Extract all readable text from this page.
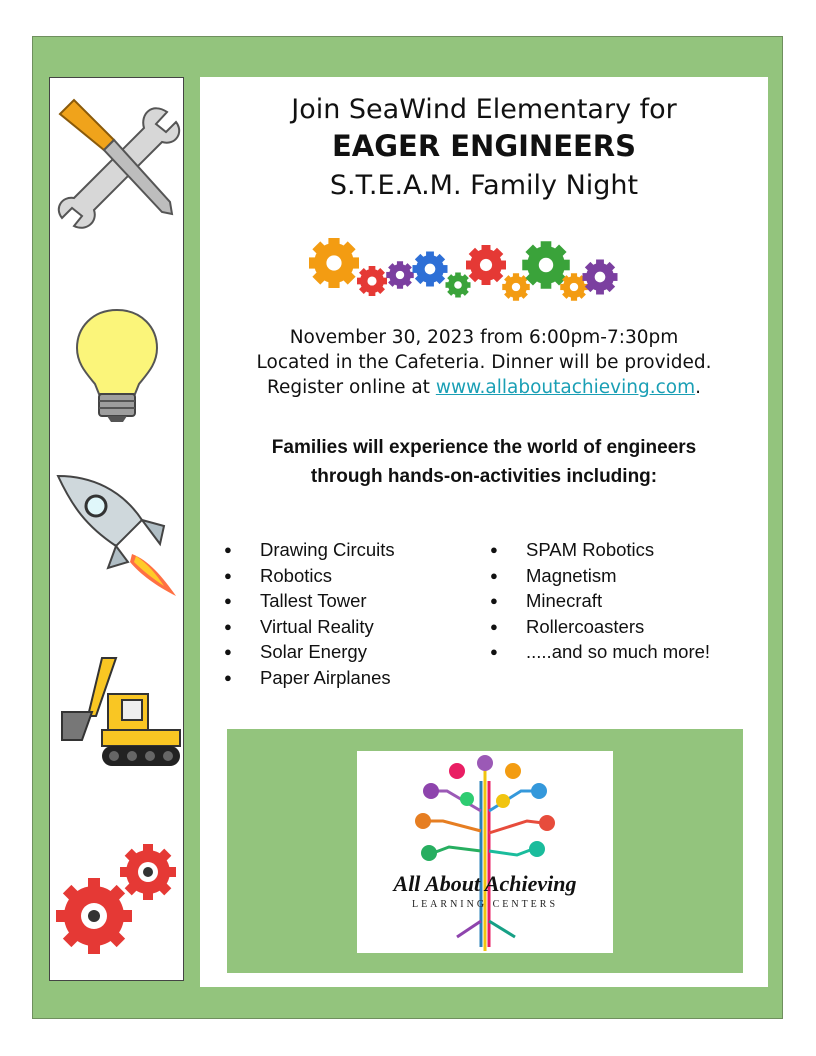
Join SeaWind Elementary for
EAGER ENGINEERS
S.T.E.A.M. Family Night
November 30, 2023 from 6:00pm-7:30pm
Located in the Cafeteria. Dinner will be provided.
Register online at www.allaboutachieving.com.
Families will experience the world of engineers
through hands-on-activities including:
● Drawing Circuits
● Robotics
● Tallest Tower
● Virtual Reality
● Solar Energy
● Paper Airplanes
● SPAM Robotics
● Magnetism
● Minecraft
● Rollercoasters
● .....and so much more!
All About Achieving
LEARNING CENTERS
